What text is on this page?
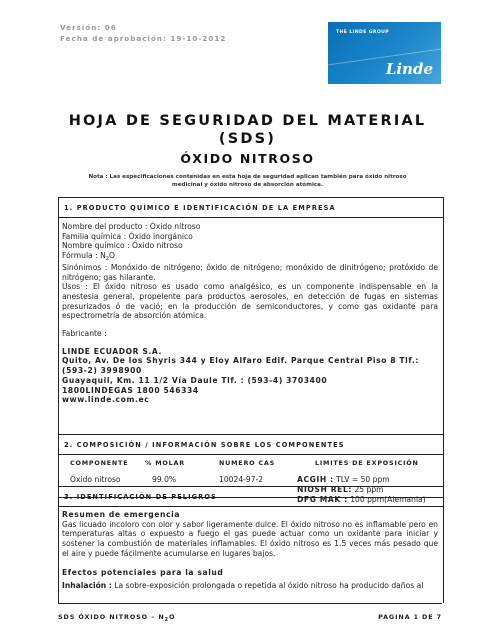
Versión: 06
Fecha de aprobación: 19-10-2012
THE LINDE GROUP
Linde
HOJA DE SEGURIDAD DEL MATERIAL
(SDS)
ÓXIDO NITROSO
Nota : Las especificaciones contenidas en esta hoja de seguridad aplican también para óxido nitroso medicinal y óxido nitroso de absorción atómica.
1. PRODUCTO QUÍMICO E IDENTIFICACIÓN DE LA EMPRESA
Nombre del producto : Óxido nitroso
Familia química : Óxido inorgánico
Nombre químico : Óxido nitroso
Fórmula : $N_2O$
Sinónimos : Monóxido de nitrógeno; óxido de nitrógeno; monóxido de dinitrógeno; protóxido de nitrógeno; gas hilarante.
Usos : El óxido nitroso es usado como analgésico, es un componente indispensable en la anestesia general, propelente para productos aerosoles, en detección de fugas en sistemas presurizados ó de vació; en la producción de semiconductores, y como gas oxidante para espectrometría de absorción atómica.
Fabricante :
LINDE ECUADOR S.A.
Quito, Av. De los Shyris 344 y Eloy Alfaro Edif. Parque Central Piso 8 Tlf.: (593-2) 3998900
Guayaquil, Km. 11 1/2 Vía Daule Tlf. : (593-4) 3703400
1800LINDEGAS 1800 546334
www.linde.com.ec
2. COMPOSICIÓN / INFORMACIÓN SOBRE LOS COMPONENTES
COMPONENTE	% MOLAR	NUMERO CAS	LIMITES DE EXPOSICIÓN
Óxido nitroso	99.0%	10024-97-2	ACGIH : TLV = 50 ppm
NIOSH REL: 25 ppm
DFG MAK : 100 ppm(Alemania)
3. IDENTIFICACIÓN DE PELIGROS
Resumen de emergencia
Gas licuado incoloro con olor y sabor ligeramente dulce. El óxido nitroso no es inflamable pero en temperaturas altas o expuesto a fuego el gas puede actuar como un oxidante para iniciar y sostener la combustión de materiales inflamables. El óxido nitroso es 1.5 veces más pesado que el aire y puede fácilmente acumularse en lugares bajos.
Efectos potenciales para la salud
Inhalación : La sobre-exposición prolongada o repetida al óxido nitroso ha producido daños al
SDS ÓXIDO NITROSO – $N_2O$	PAGINA 1 DE 7
